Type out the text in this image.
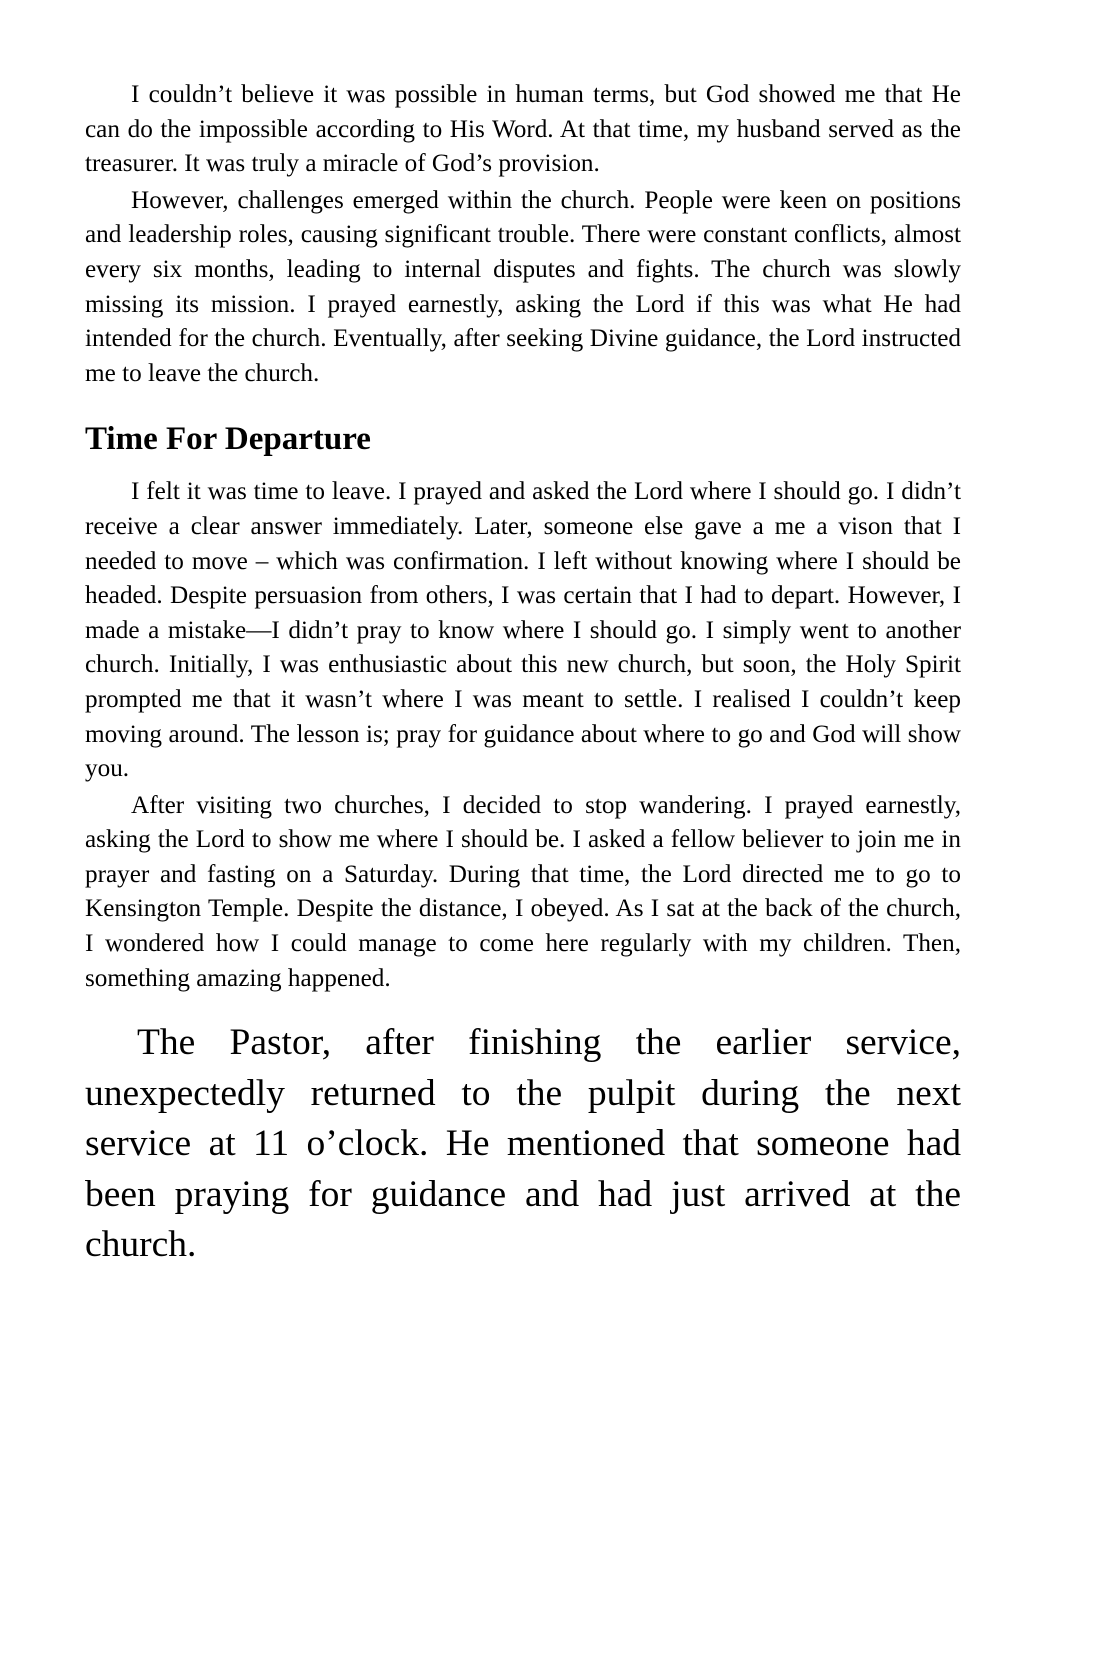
I couldn’t believe it was possible in human terms, but God showed me that He can do the impossible according to His Word. At that time, my husband served as the treasurer. It was truly a miracle of God’s provision.

However, challenges emerged within the church. People were keen on positions and leadership roles, causing significant trouble. There were constant conflicts, almost every six months, leading to internal disputes and fights. The church was slowly missing its mission. I prayed earnestly, asking the Lord if this was what He had intended for the church. Eventually, after seeking Divine guidance, the Lord instructed me to leave the church.

Time For Departure

I felt it was time to leave. I prayed and asked the Lord where I should go. I didn’t receive a clear answer immediately. Later, someone else gave a me a vison that I needed to move – which was confirmation. I left without knowing where I should be headed. Despite persuasion from others, I was certain that I had to depart. However, I made a mistake—I didn’t pray to know where I should go. I simply went to another church. Initially, I was enthusiastic about this new church, but soon, the Holy Spirit prompted me that it wasn’t where I was meant to settle. I realised I couldn’t keep moving around. The lesson is; pray for guidance about where to go and God will show you.

After visiting two churches, I decided to stop wandering. I prayed earnestly, asking the Lord to show me where I should be. I asked a fellow believer to join me in prayer and fasting on a Saturday. During that time, the Lord directed me to go to Kensington Temple. Despite the distance, I obeyed. As I sat at the back of the church, I wondered how I could manage to come here regularly with my children. Then, something amazing happened.

The Pastor, after finishing the earlier service, unexpectedly returned to the pulpit during the next service at 11 o’clock. He mentioned that someone had been praying for guidance and had just arrived at the church.
